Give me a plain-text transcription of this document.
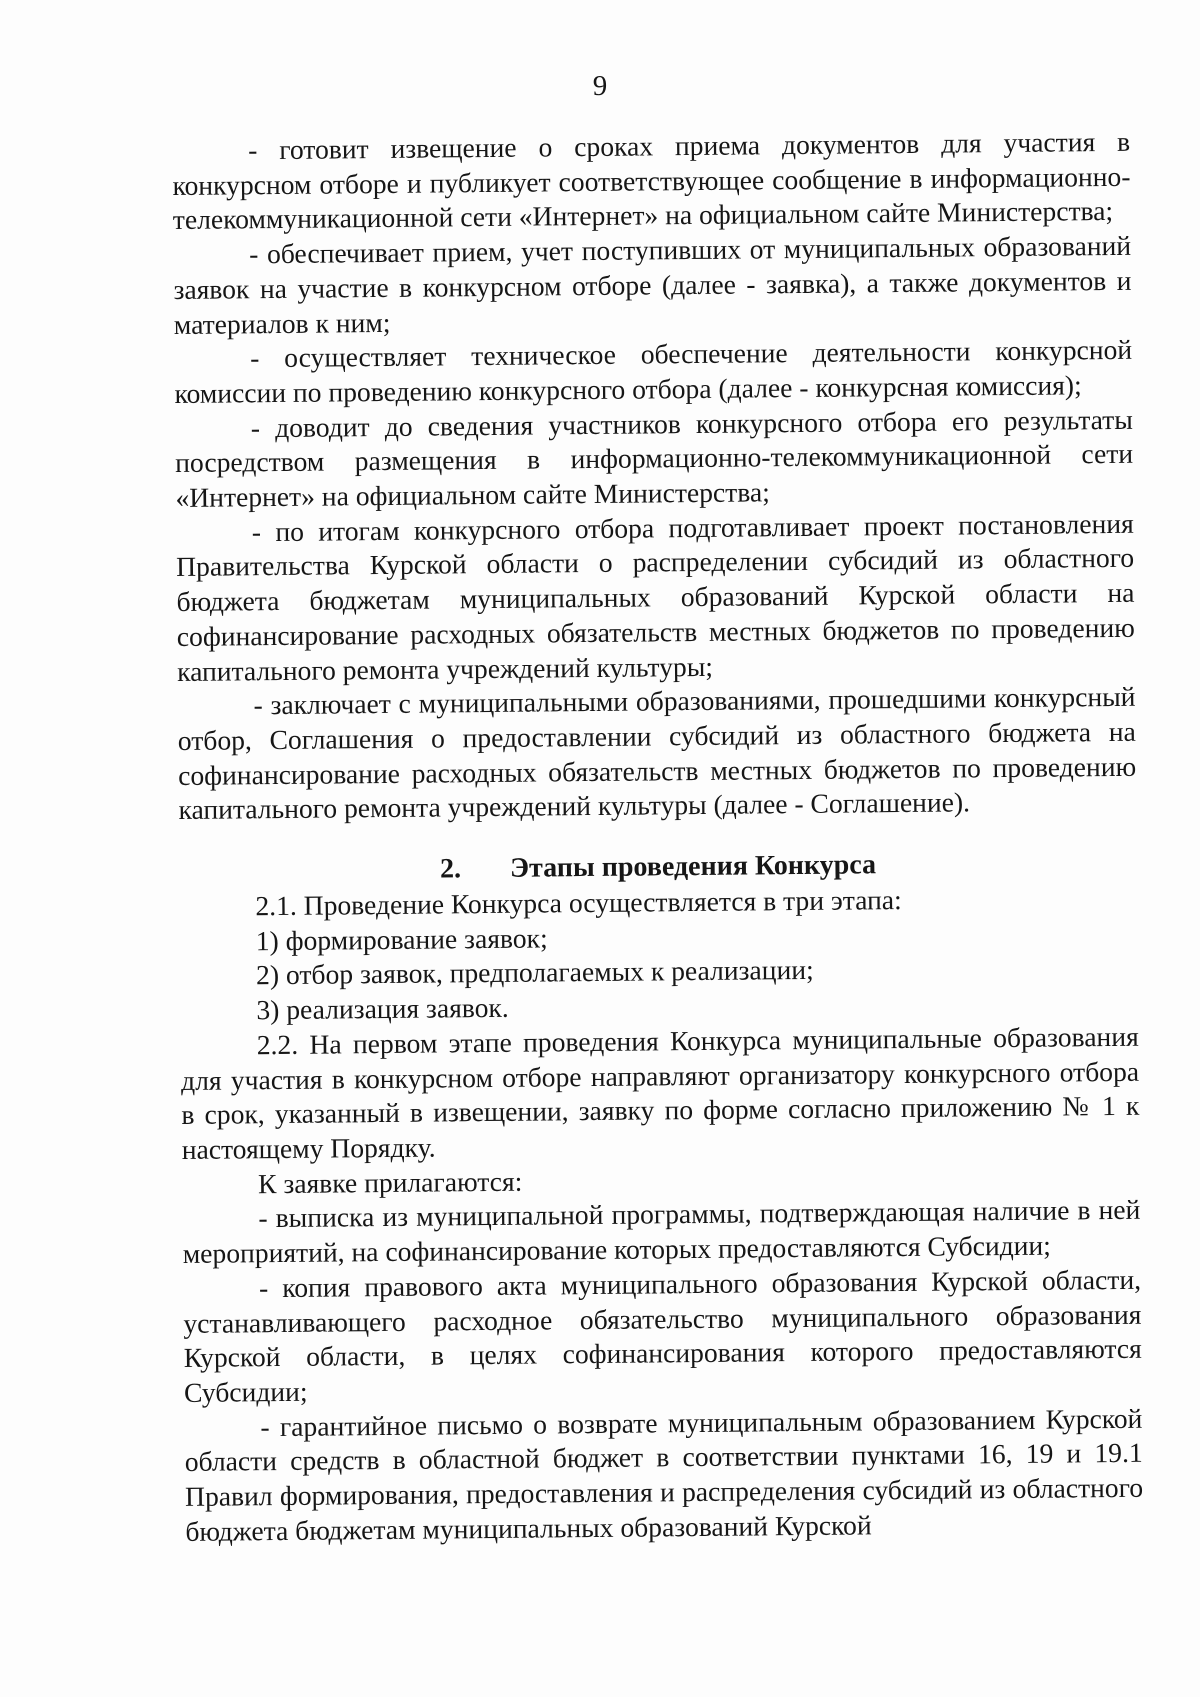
9

- готовит извещение о сроках приема документов для участия в конкурсном отборе и публикует соответствующее сообщение в информационно-телекоммуникационной сети «Интернет» на официальном сайте Министерства;

- обеспечивает прием, учет поступивших от муниципальных образований заявок на участие в конкурсном отборе (далее - заявка), а также документов и материалов к ним;

- осуществляет техническое обеспечение деятельности конкурсной комиссии по проведению конкурсного отбора (далее - конкурсная комиссия);

- доводит до сведения участников конкурсного отбора его результаты посредством размещения в информационно-телекоммуникационной сети «Интернет» на официальном сайте Министерства;

- по итогам конкурсного отбора подготавливает проект постановления Правительства Курской области о распределении субсидий из областного бюджета бюджетам муниципальных образований Курской области на софинансирование расходных обязательств местных бюджетов по проведению капитального ремонта учреждений культуры;

- заключает с муниципальными образованиями, прошедшими конкурсный отбор, Соглашения о предоставлении субсидий из областного бюджета на софинансирование расходных обязательств местных бюджетов по проведению капитального ремонта учреждений культуры (далее - Соглашение).

2. Этапы проведения Конкурса

2.1. Проведение Конкурса осуществляется в три этапа:

1) формирование заявок;

2) отбор заявок, предполагаемых к реализации;

3) реализация заявок.

2.2. На первом этапе проведения Конкурса муниципальные образования для участия в конкурсном отборе направляют организатору конкурсного отбора в срок, указанный в извещении, заявку по форме согласно приложению № 1 к настоящему Порядку.

К заявке прилагаются:

- выписка из муниципальной программы, подтверждающая наличие в ней мероприятий, на софинансирование которых предоставляются Субсидии;

- копия правового акта муниципального образования Курской области, устанавливающего расходное обязательство муниципального образования Курской области, в целях софинансирования которого предоставляются Субсидии;

- гарантийное письмо о возврате муниципальным образованием Курской области средств в областной бюджет в соответствии пунктами 16, 19 и 19.1 Правил формирования, предоставления и распределения субсидий из областного бюджета бюджетам муниципальных образований Курской
